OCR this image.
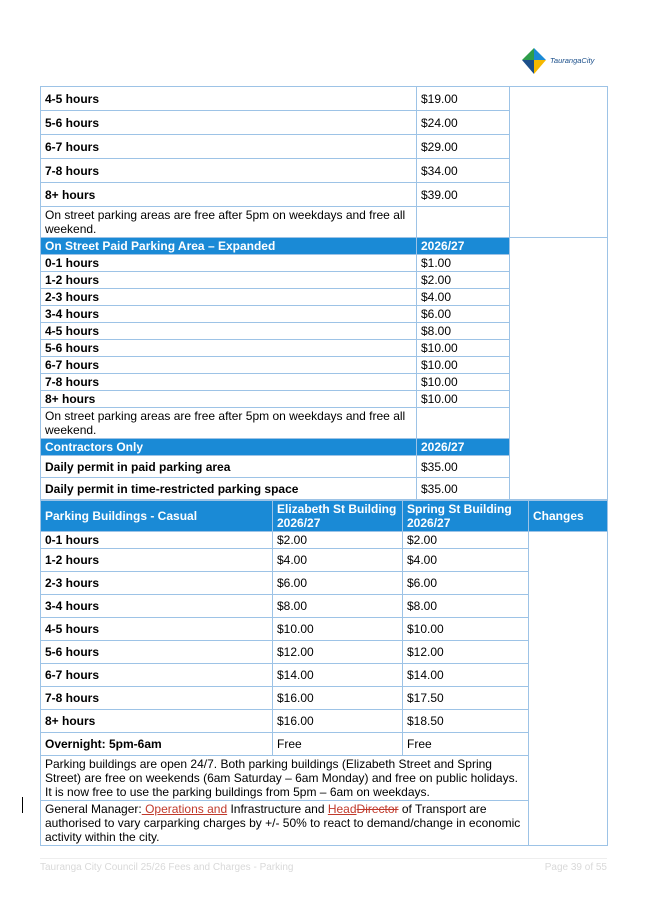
TaurangaCity
4-5 hours	$19.00	
5-6 hours	$24.00	
6-7 hours	$29.00	
7-8 hours	$34.00	
8+ hours	$39.00	
On street parking areas are free after 5pm on weekdays and free all weekend.		
On Street Paid Parking Area – Expanded	2026/27	
0-1 hours	$1.00	
1-2 hours	$2.00	
2-3 hours	$4.00	
3-4 hours	$6.00	
4-5 hours	$8.00	
5-6 hours	$10.00	
6-7 hours	$10.00	
7-8 hours	$10.00	
8+ hours	$10.00	
On street parking areas are free after 5pm on weekdays and free all weekend.		
Contractors Only	2026/27	
Daily permit in paid parking area	$35.00	
Daily permit in time-restricted parking space	$35.00	
Parking Buildings - Casual	Elizabeth St Building 2026/27	Spring St Building 2026/27	Changes
0-1 hours	$2.00	$2.00	
1-2 hours	$4.00	$4.00	
2-3 hours	$6.00	$6.00	
3-4 hours	$8.00	$8.00	
4-5 hours	$10.00	$10.00	
5-6 hours	$12.00	$12.00	
6-7 hours	$14.00	$14.00	
7-8 hours	$16.00	$17.50	
8+ hours	$16.00	$18.50	
Overnight: 5pm-6am	Free	Free	
Parking buildings are open 24/7. Both parking buildings (Elizabeth Street and Spring Street) are free on weekends (6am Saturday – 6am Monday) and free on public holidays. It is now free to use the parking buildings from 5pm – 6am on weekdays.			
General Manager: Operations and Infrastructure and HeadDirector of Transport are authorised to vary carparking charges by +/- 50% to react to demand/change in economic activity within the city.			
Tauranga City Council 25/26 Fees and Charges - Parking	Page 39 of 55
